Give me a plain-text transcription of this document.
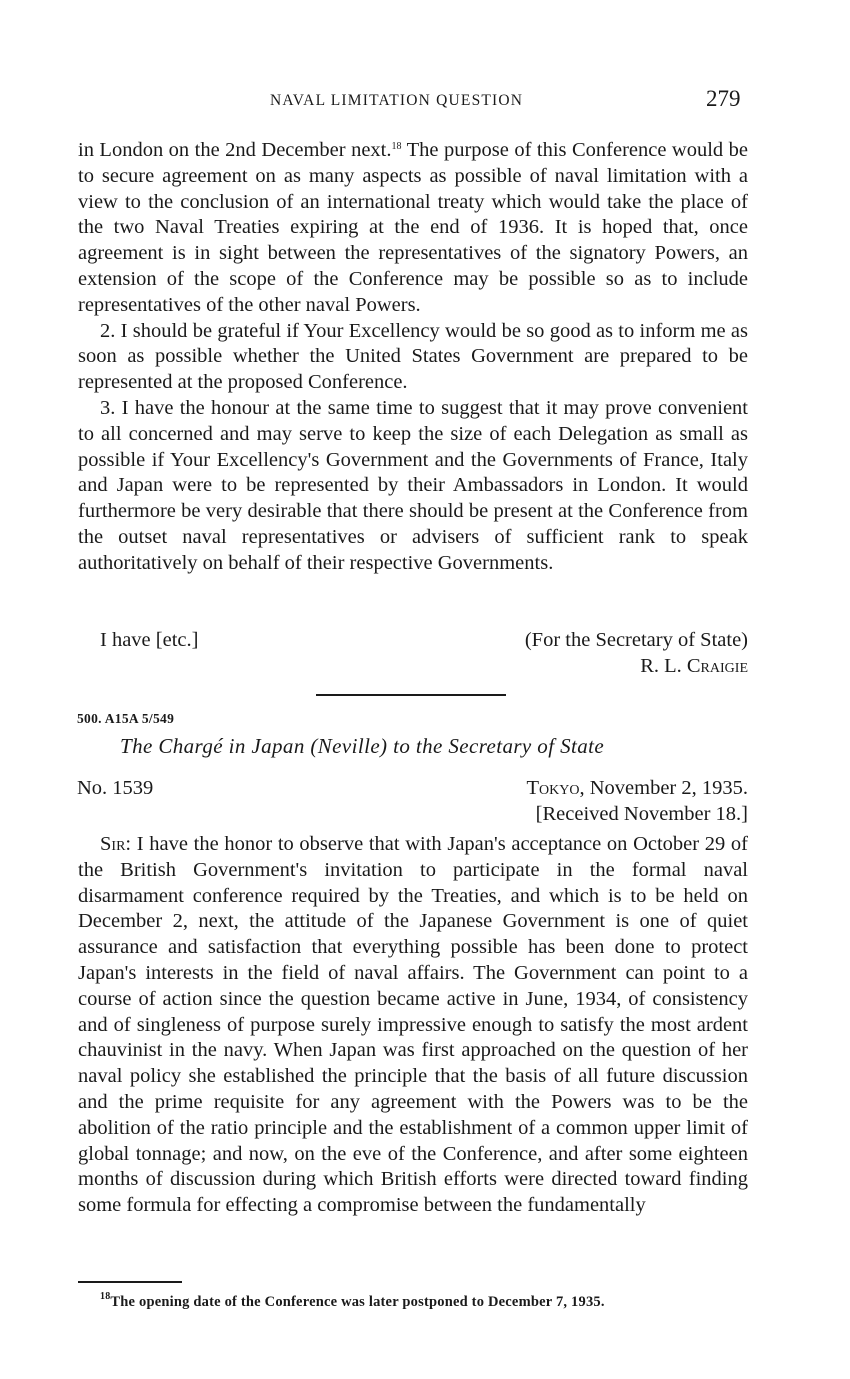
NAVAL LIMITATION QUESTION	279

in London on the 2nd December next.$^{18}$ The purpose of this Conference would be to secure agreement on as many aspects as possible of naval limitation with a view to the conclusion of an international treaty which would take the place of the two Naval Treaties expiring at the end of 1936. It is hoped that, once agreement is in sight between the representatives of the signatory Powers, an extension of the scope of the Conference may be possible so as to include representatives of the other naval Powers.

2. I should be grateful if Your Excellency would be so good as to inform me as soon as possible whether the United States Government are prepared to be represented at the proposed Conference.

3. I have the honour at the same time to suggest that it may prove convenient to all concerned and may serve to keep the size of each Delegation as small as possible if Your Excellency's Government and the Governments of France, Italy and Japan were to be represented by their Ambassadors in London. It would furthermore be very desirable that there should be present at the Conference from the outset naval representatives or advisers of sufficient rank to speak authoritatively on behalf of their respective Governments.

I have [etc.]	(For the Secretary of State)
R. L. Craigie
500. A15A 5/549
The Chargé in Japan (Neville) to the Secretary of State
No. 1539	Tokyo, November 2, 1935.
[Received November 18.]

Sir: I have the honor to observe that with Japan's acceptance on October 29 of the British Government's invitation to participate in the formal naval disarmament conference required by the Treaties, and which is to be held on December 2, next, the attitude of the Japanese Government is one of quiet assurance and satisfaction that everything possible has been done to protect Japan's interests in the field of naval affairs. The Government can point to a course of action since the question became active in June, 1934, of consistency and of singleness of purpose surely impressive enough to satisfy the most ardent chauvinist in the navy. When Japan was first approached on the question of her naval policy she established the principle that the basis of all future discussion and the prime requisite for any agreement with the Powers was to be the abolition of the ratio principle and the establishment of a common upper limit of global tonnage; and now, on the eve of the Conference, and after some eighteen months of discussion during which British efforts were directed toward finding some formula for effecting a compromise between the fundamentally

$^{18}$The opening date of the Conference was later postponed to December 7, 1935.
